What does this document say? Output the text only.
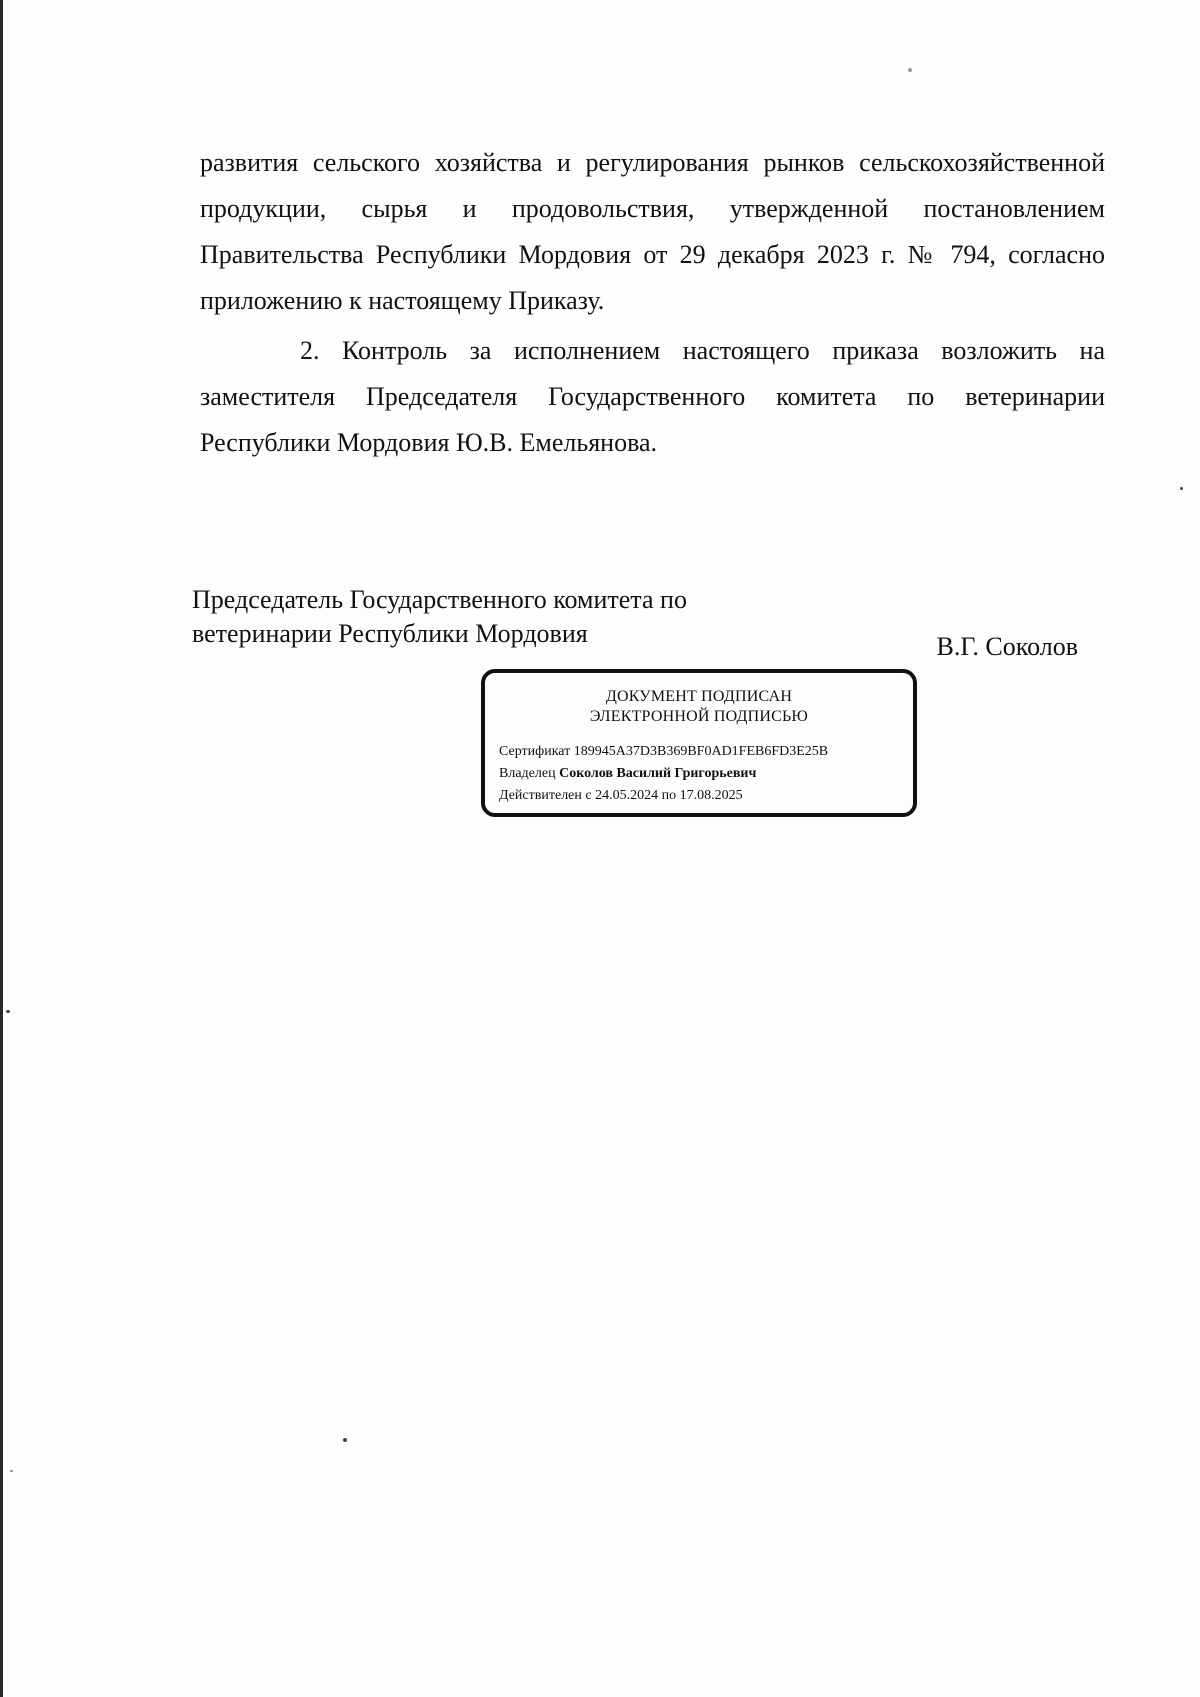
развития сельского хозяйства и регулирования рынков сельскохозяйственной продукции, сырья и продовольствия, утвержденной постановлением Правительства Республики Мордовия от 29 декабря 2023 г. № 794, согласно приложению к настоящему Приказу.

2. Контроль за исполнением настоящего приказа возложить на заместителя Председателя Государственного комитета по ветеринарии Республики Мордовия Ю.В. Емельянова.

Председатель Государственного комитета по
ветеринарии Республики Мордовия	В.Г. Соколов
ДОКУМЕНТ ПОДПИСАН
ЭЛЕКТРОННОЙ ПОДПИСЬЮ
Сертификат 189945A37D3B369BF0AD1FEB6FD3E25B
Владелец Соколов Василий Григорьевич
Действителен с 24.05.2024 по 17.08.2025
